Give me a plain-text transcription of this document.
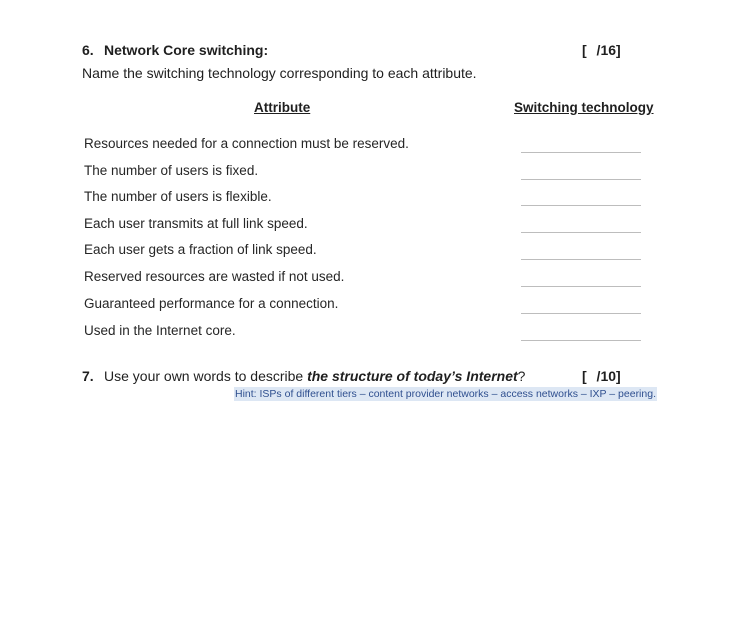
6. Network Core switching:	[ /16]
Name the switching technology corresponding to each attribute.
Attribute	Switching technology
Resources needed for a connection must be reserved.
The number of users is fixed.
The number of users is flexible.
Each user transmits at full link speed.
Each user gets a fraction of link speed.
Reserved resources are wasted if not used.
Guaranteed performance for a connection.
Used in the Internet core.
7. Use your own words to describe the structure of today’s Internet?	[ /10]
Hint: ISPs of different tiers – content provider networks – access networks – IXP – peering.
